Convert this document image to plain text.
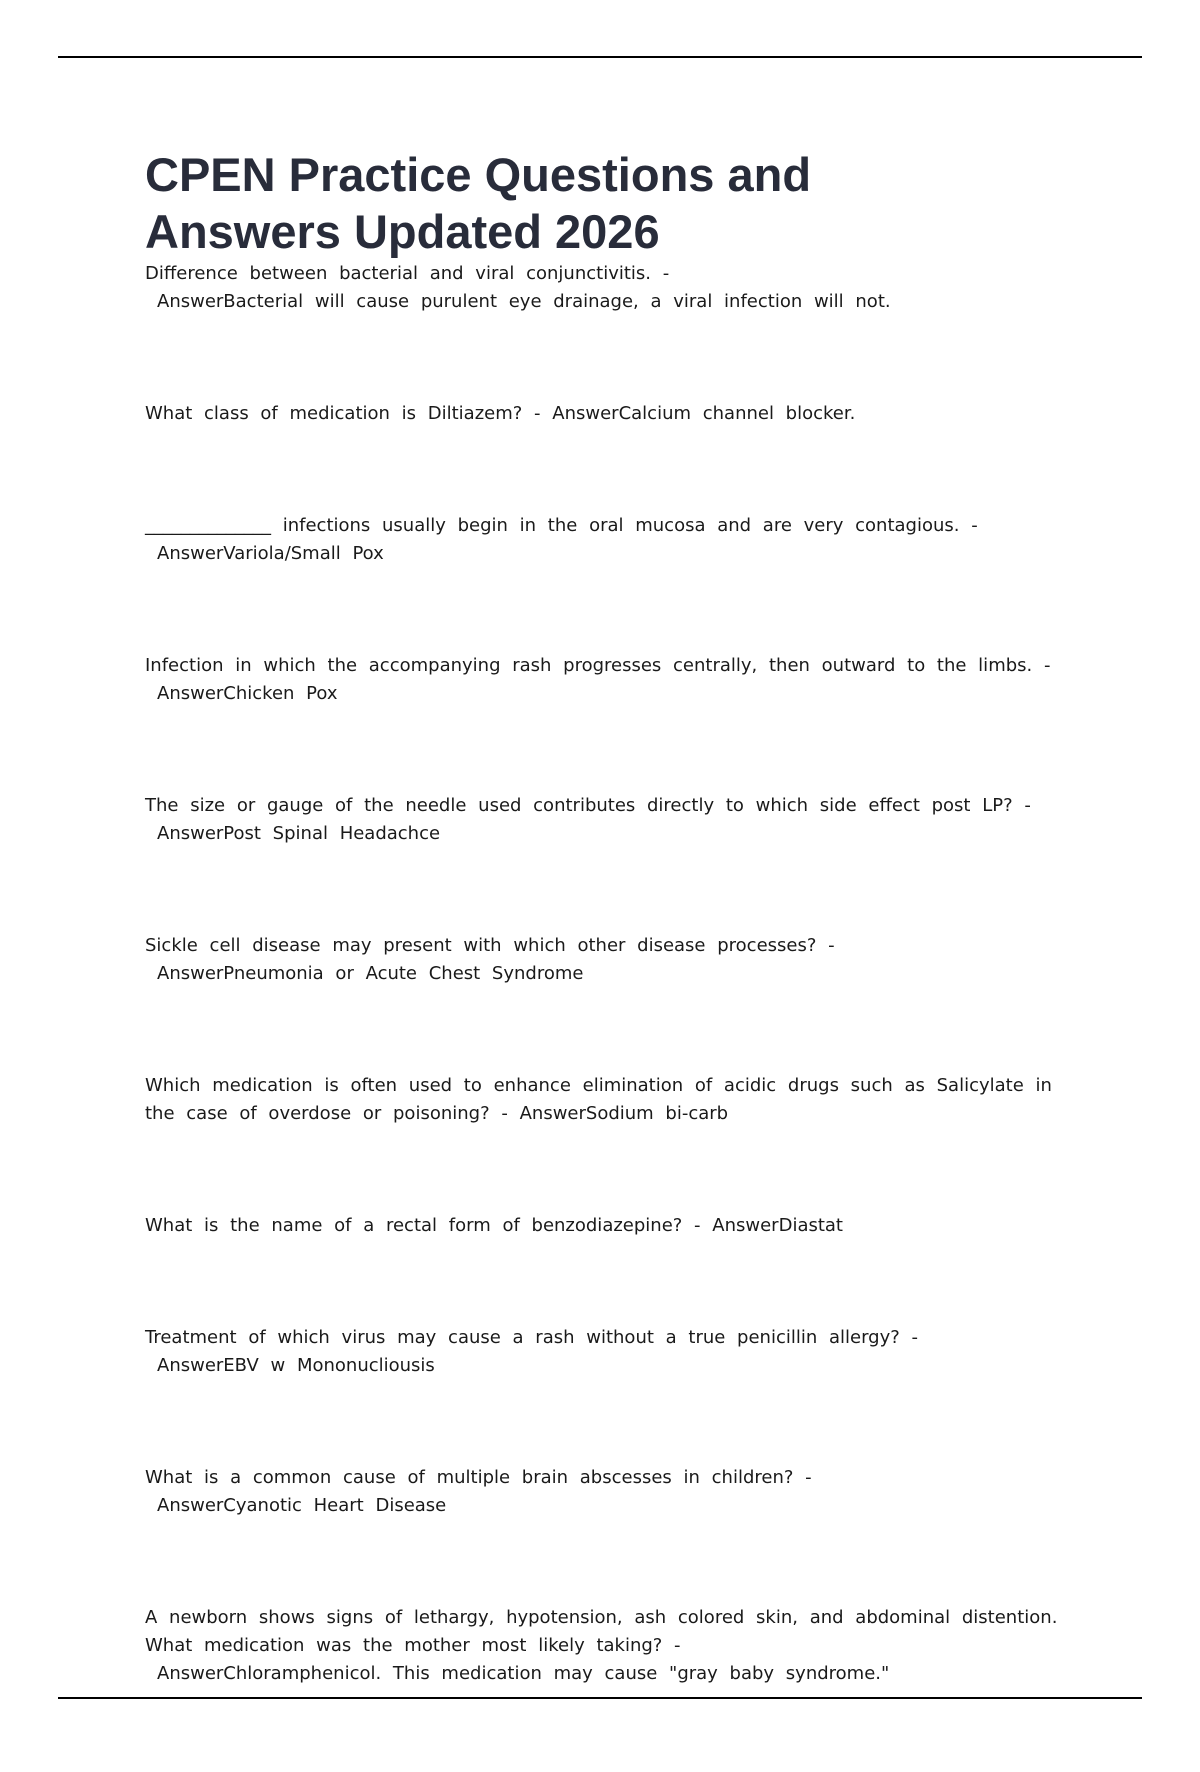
CPEN Practice Questions and
Answers Updated 2026

Difference between bacterial and viral conjunctivitis. -
AnswerBacterial will cause purulent eye drainage, a viral infection will not.

What class of medication is Diltiazem? - AnswerCalcium channel blocker.

______________ infections usually begin in the oral mucosa and are very contagious. -
AnswerVariola/Small Pox

Infection in which the accompanying rash progresses centrally, then outward to the limbs. -
AnswerChicken Pox

The size or gauge of the needle used contributes directly to which side effect post LP? -
AnswerPost Spinal Headachce

Sickle cell disease may present with which other disease processes? -
AnswerPneumonia or Acute Chest Syndrome

Which medication is often used to enhance elimination of acidic drugs such as Salicylate in the case of overdose or poisoning? - AnswerSodium bi-carb

What is the name of a rectal form of benzodiazepine? - AnswerDiastat

Treatment of which virus may cause a rash without a true penicillin allergy? -
AnswerEBV w Mononucliousis

What is a common cause of multiple brain abscesses in children? -
AnswerCyanotic Heart Disease

A newborn shows signs of lethargy, hypotension, ash colored skin, and abdominal distention. What medication was the mother most likely taking? -
AnswerChloramphenicol. This medication may cause "gray baby syndrome."
